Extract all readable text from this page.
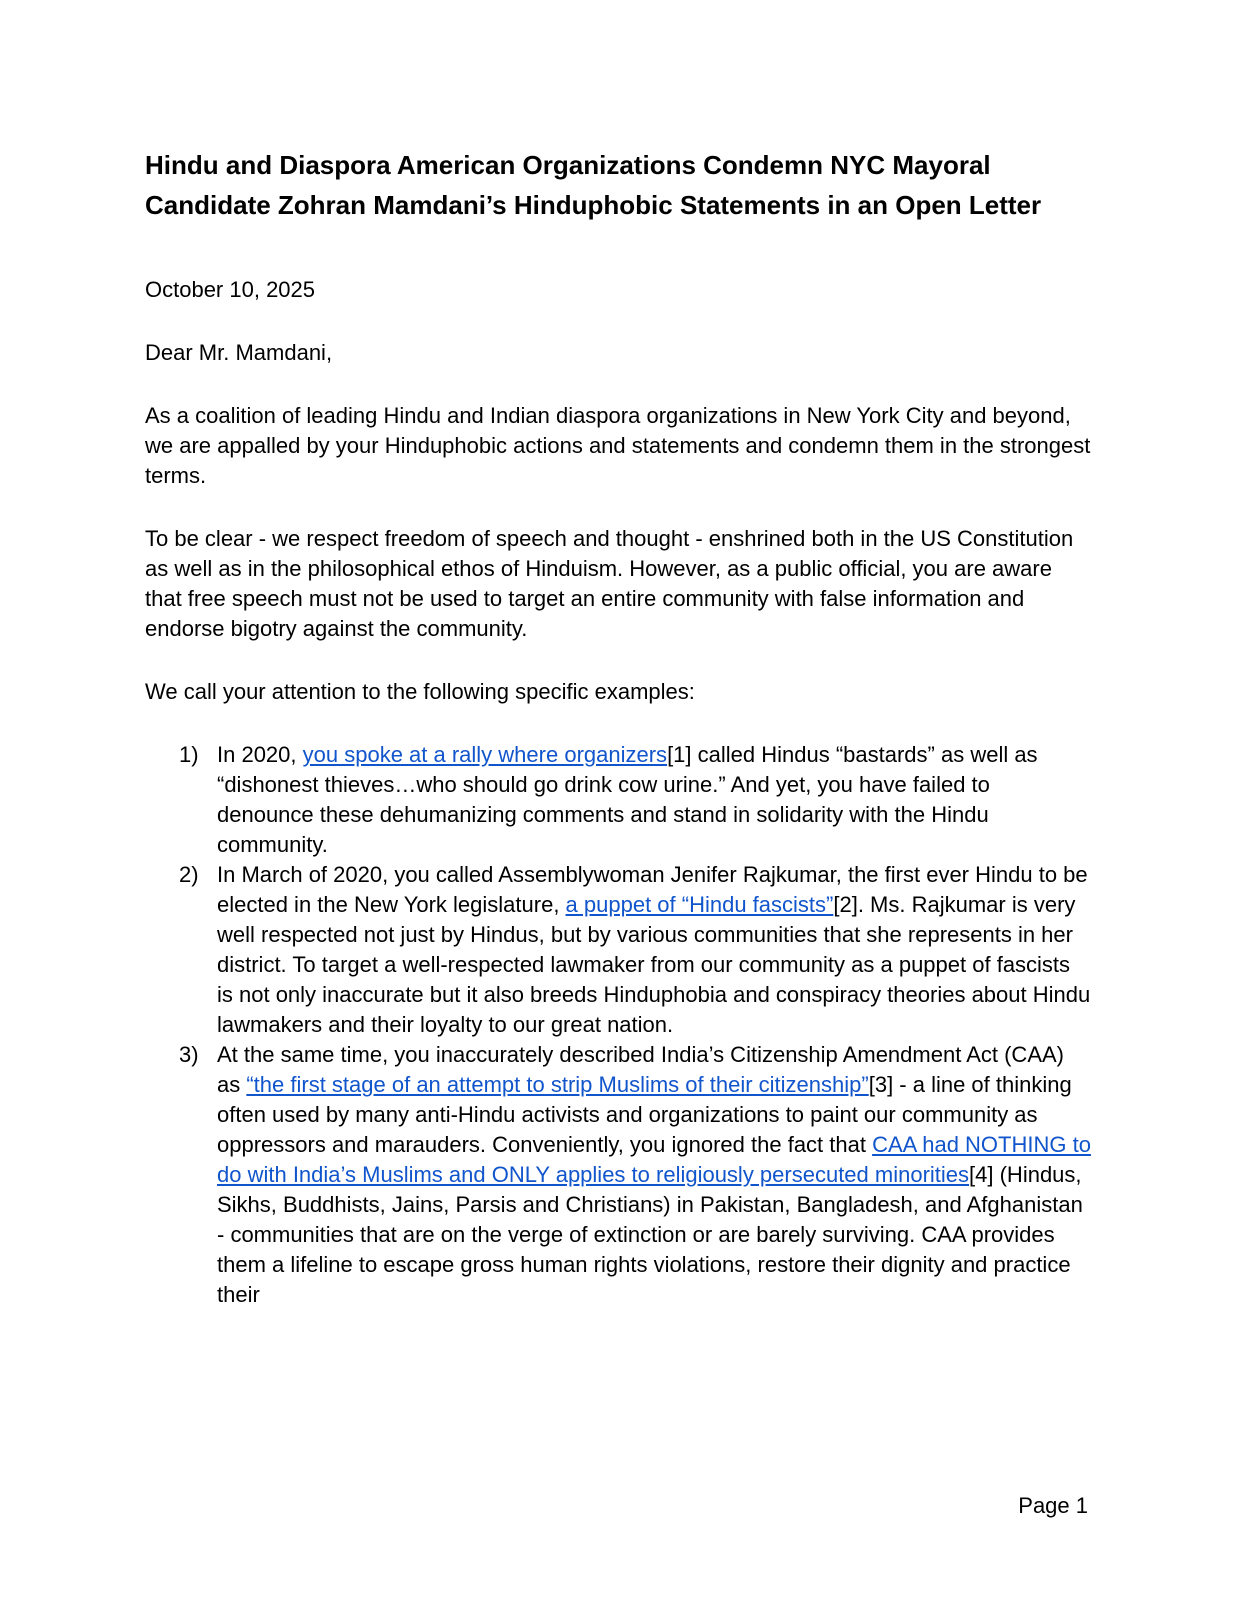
Hindu and Diaspora American Organizations Condemn NYC Mayoral Candidate Zohran Mamdani’s Hinduphobic Statements in an Open Letter

October 10, 2025

Dear Mr. Mamdani,

As a coalition of leading Hindu and Indian diaspora organizations in New York City and beyond, we are appalled by your Hinduphobic actions and statements and condemn them in the strongest terms.

To be clear - we respect freedom of speech and thought - enshrined both in the US Constitution as well as in the philosophical ethos of Hinduism. However, as a public official, you are aware that free speech must not be used to target an entire community with false information and endorse bigotry against the community.

We call your attention to the following specific examples:

1) In 2020, you spoke at a rally where organizers[1] called Hindus “bastards” as well as “dishonest thieves…who should go drink cow urine.” And yet, you have failed to denounce these dehumanizing comments and stand in solidarity with the Hindu community.
2) In March of 2020, you called Assemblywoman Jenifer Rajkumar, the first ever Hindu to be elected in the New York legislature, a puppet of “Hindu fascists”[2]. Ms. Rajkumar is very well respected not just by Hindus, but by various communities that she represents in her district. To target a well-respected lawmaker from our community as a puppet of fascists is not only inaccurate but it also breeds Hinduphobia and conspiracy theories about Hindu lawmakers and their loyalty to our great nation.
3) At the same time, you inaccurately described India’s Citizenship Amendment Act (CAA) as “the first stage of an attempt to strip Muslims of their citizenship”[3] - a line of thinking often used by many anti-Hindu activists and organizations to paint our community as oppressors and marauders. Conveniently, you ignored the fact that CAA had NOTHING to do with India’s Muslims and ONLY applies to religiously persecuted minorities[4] (Hindus, Sikhs, Buddhists, Jains, Parsis and Christians) in Pakistan, Bangladesh, and Afghanistan - communities that are on the verge of extinction or are barely surviving. CAA provides them a lifeline to escape gross human rights violations, restore their dignity and practice their
Page 1
